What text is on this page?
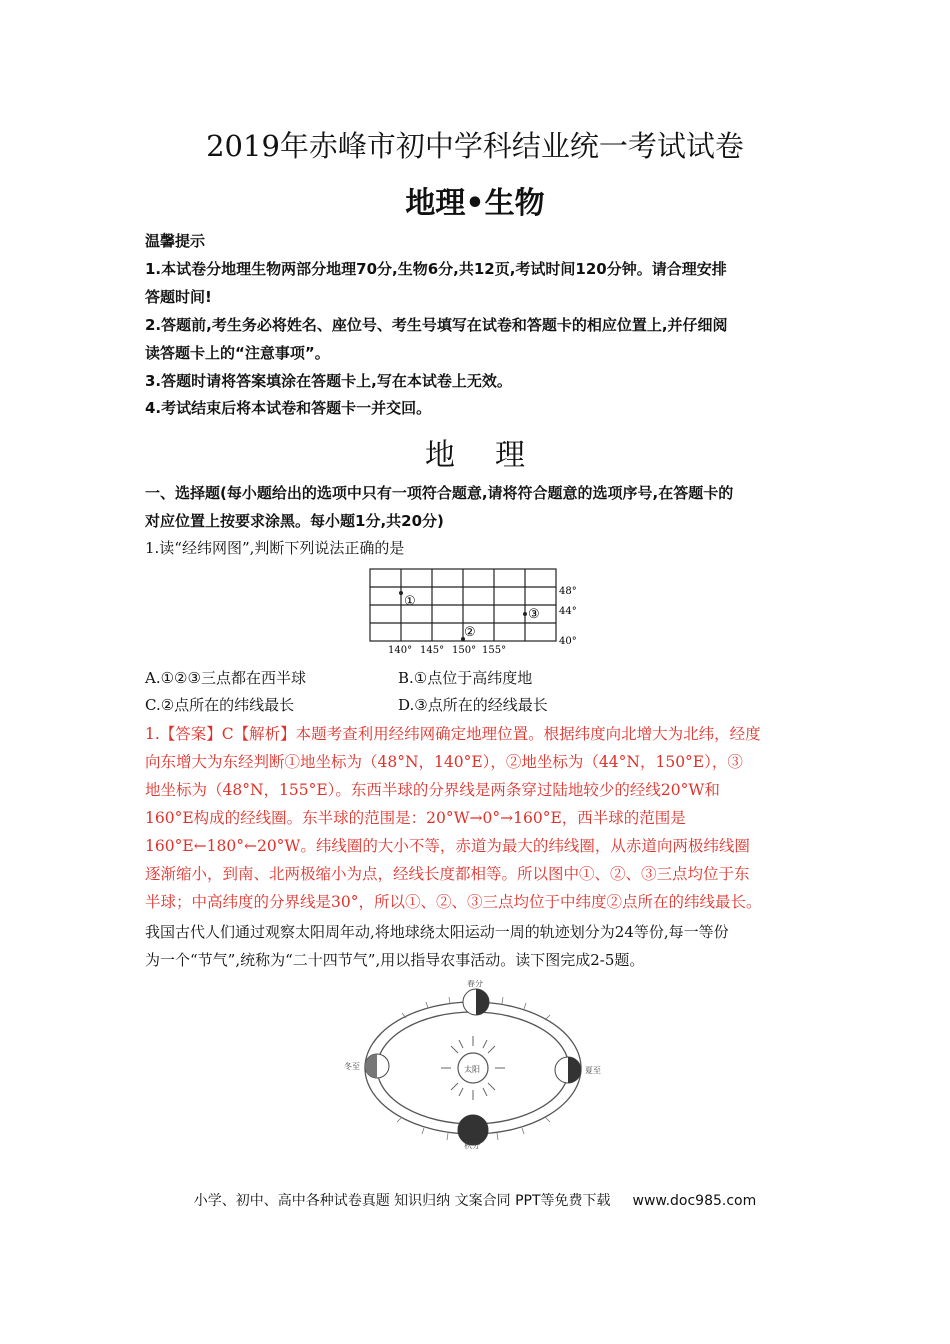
2019年赤峰市初中学科结业统一考试试卷
地理•生物
温馨提示
1.本试卷分地理生物两部分地理70分,生物6分,共12页,考试时间120分钟。请合理安排
答题时间!
2.答题前,考生务必将姓名、座位号、考生号填写在试卷和答题卡的相应位置上,并仔细阅
读答题卡上的“注意事项”。
3.答题时请将答案填涂在答题卡上,写在本试卷上无效。
4.考试结束后将本试卷和答题卡一并交回。
地理
一、选择题(每小题给出的选项中只有一项符合题意,请将符合题意的选项序号,在答题卡的
对应位置上按要求涂黑。每小题1分,共20分)
1.读“经纬网图”,判断下列说法正确的是
①
②
③
48°
44°
40°
140° 145° 150° 155°
A.①②③三点都在西半球	B.①点位于高纬度地
C.②点所在的纬线最长	D.③点所在的经线最长
1.【答案】C【解析】本题考查利用经纬网确定地理位置。根据纬度向北增大为北纬，经度
向东增大为东经判断①地坐标为（48°N，140°E），②地坐标为（44°N，150°E），③
地坐标为（48°N，155°E）。东西半球的分界线是两条穿过陆地较少的经线20°W和
160°E构成的经线圈。东半球的范围是：20°W→0°→160°E，西半球的范围是
160°E←180°←20°W。纬线圈的大小不等，赤道为最大的纬线圈，从赤道向两极纬线圈
逐渐缩小，到南、北两极缩小为点，经线长度都相等。所以图中①、②、③三点均位于东
半球；中高纬度的分界线是30°，所以①、②、③三点均位于中纬度②点所在的纬线最长。
我国古代人们通过观察太阳周年动,将地球绕太阳运动一周的轨迹划分为24等份,每一等份
为一个“节气”,统称为“二十四节气”,用以指导农事活动。读下图完成2-5题。
太阳
春分
夏至
秋分
冬至
小学、初中、高中各种试卷真题 知识归纳 文案合同 PPT等免费下载 www.doc985.com
